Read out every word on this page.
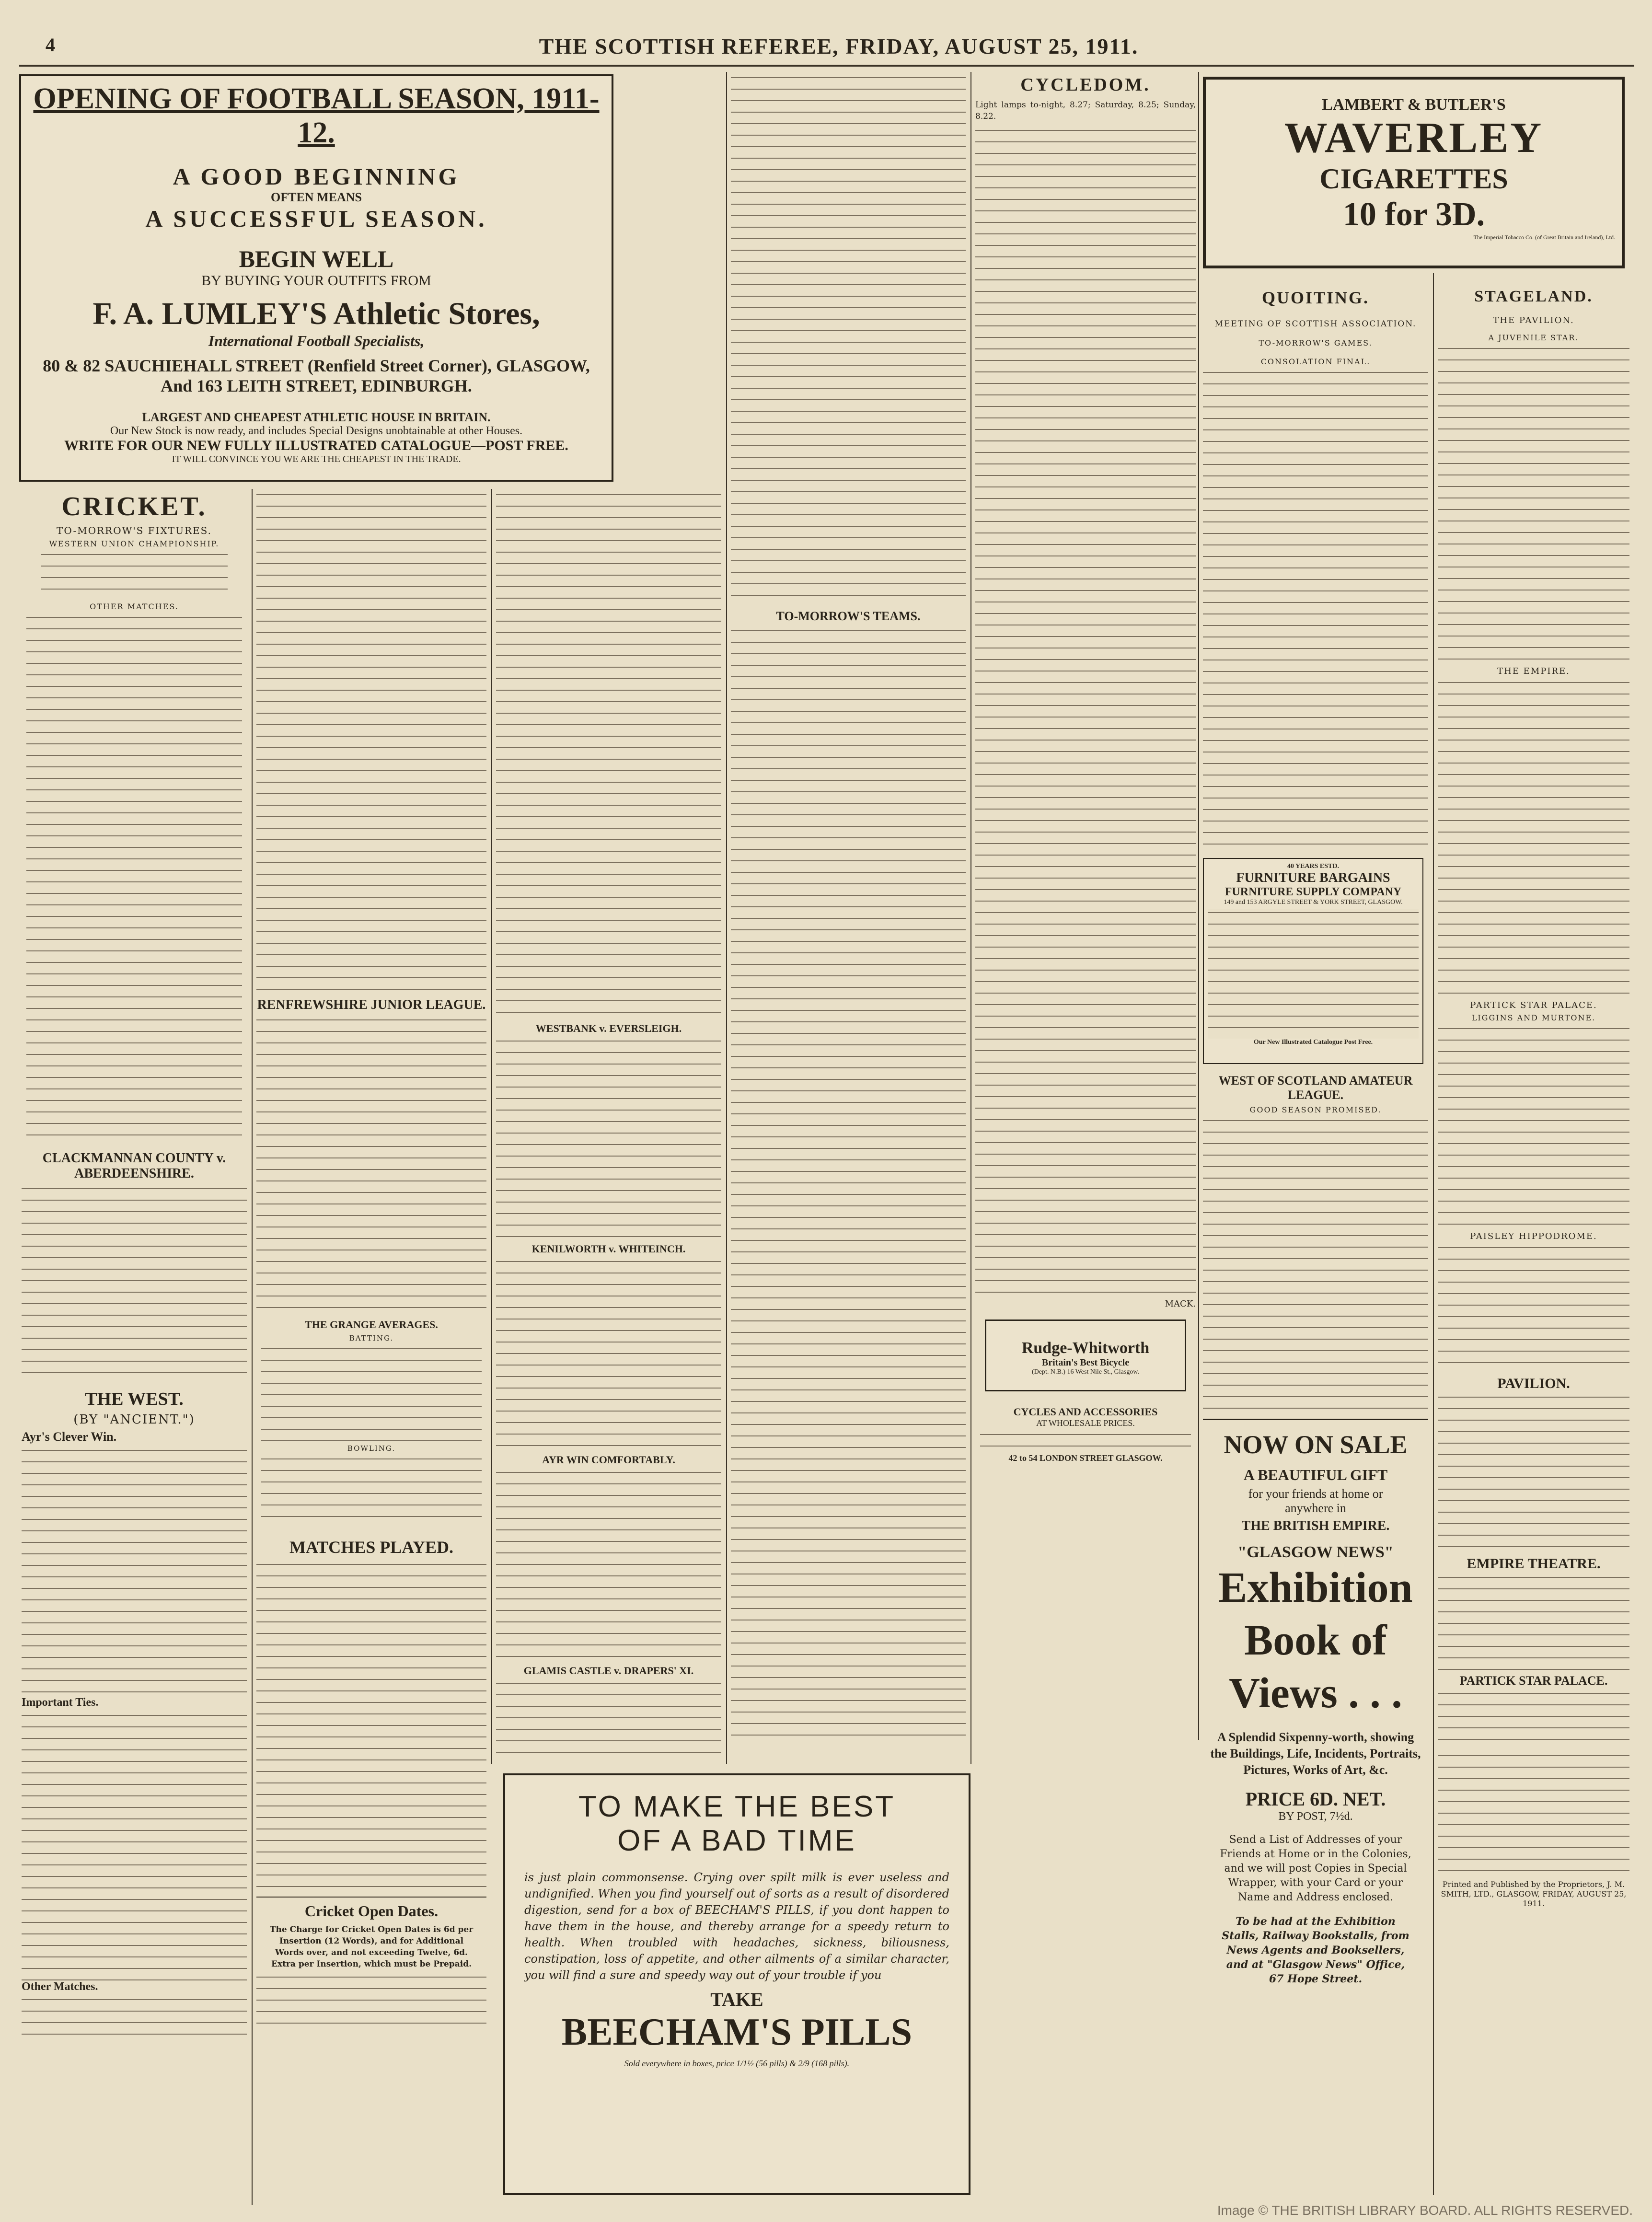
4	THE SCOTTISH REFEREE, FRIDAY, AUGUST 25, 1911.
OPENING OF FOOTBALL SEASON, 1911-12.
A GOOD BEGINNING
OFTEN MEANS
A SUCCESSFUL SEASON.
BEGIN WELL
BY BUYING YOUR OUTFITS FROM
F. A. LUMLEY'S Athletic Stores,
International Football Specialists,
80 & 82 SAUCHIEHALL STREET (Renfield Street Corner), GLASGOW,
And 163 LEITH STREET, EDINBURGH.
LARGEST AND CHEAPEST ATHLETIC HOUSE IN BRITAIN.
Our New Stock is now ready, and includes Special Designs unobtainable at other Houses.
WRITE FOR OUR NEW FULLY ILLUSTRATED CATALOGUE—POST FREE.
IT WILL CONVINCE YOU WE ARE THE CHEAPEST IN THE TRADE.
CRICKET.
TO-MORROW'S FIXTURES.
WESTERN UNION CHAMPIONSHIP.
OTHER MATCHES.
CLACKMANNAN COUNTY v. ABERDEENSHIRE.
THE WEST.
(BY "ANCIENT.")
Ayr's Clever Win.
Important Ties.
Other Matches.
RENFREWSHIRE JUNIOR LEAGUE.
THE GRANGE AVERAGES.
BATTING.
BOWLING.
MATCHES PLAYED.
Cricket Open Dates.
The Charge for Cricket Open Dates is 6d per Insertion (12 Words), and for Additional Words over, and not exceeding Twelve, 6d. Extra per Insertion, which must be Prepaid.
WESTBANK v. EVERSLEIGH.
KENILWORTH v. WHITEINCH.
AYR WIN COMFORTABLY.
GLAMIS CASTLE v. DRAPERS' XI.
TO-MORROW'S TEAMS.
CYCLEDOM.
Light lamps to-night, 8.27; Saturday, 8.25; Sunday, 8.22.
MACK.
Rudge-Whitworth
Britain's Best Bicycle
(Dept. N.B.) 16 West Nile St., Glasgow.
CYCLES AND ACCESSORIES
AT WHOLESALE PRICES.
42 to 54 LONDON STREET GLASGOW.
TO MAKE THE BEST
OF A BAD TIME
is just plain commonsense. Crying over spilt milk is ever useless and undignified. When you find yourself out of sorts as a result of disordered digestion, send for a box of BEECHAM'S PILLS, if you dont happen to have them in the house, and thereby arrange for a speedy return to health. When troubled with headaches, sickness, biliousness, constipation, loss of appetite, and other ailments of a similar character, you will find a sure and speedy way out of your trouble if you
TAKE
BEECHAM'S PILLS
Sold everywhere in boxes, price 1/1½ (56 pills) & 2/9 (168 pills).
LAMBERT & BUTLER'S
WAVERLEY
CIGARETTES
10 for 3D.
The Imperial Tobacco Co. (of Great Britain and Ireland), Ltd.
QUOITING.
MEETING OF SCOTTISH ASSOCIATION.
TO-MORROW'S GAMES.
CONSOLATION FINAL.
40 YEARS ESTD.
FURNITURE BARGAINS
FURNITURE SUPPLY COMPANY
149 and 153 ARGYLE STREET & YORK STREET, GLASGOW.
Our New Illustrated Catalogue Post Free.
WEST OF SCOTLAND AMATEUR LEAGUE.
GOOD SEASON PROMISED.
NOW ON SALE
A BEAUTIFUL GIFT
for your friends at home or anywhere in
THE BRITISH EMPIRE.
"GLASGOW NEWS"
Exhibition
Book of
Views . . .
A Splendid Sixpenny-worth, showing the Buildings, Life, Incidents, Portraits, Pictures, Works of Art, &c.
PRICE 6D. NET.
BY POST, 7½d.
Send a List of Addresses of your Friends at Home or in the Colonies, and we will post Copies in Special Wrapper, with your Card or your Name and Address enclosed.
To be had at the Exhibition Stalls, Railway Bookstalls, from News Agents and Booksellers, and at "Glasgow News" Office, 67 Hope Street.
STAGELAND.
THE PAVILION.
A JUVENILE STAR.
THE EMPIRE.
PARTICK STAR PALACE.
LIGGINS AND MURTONE.
PAISLEY HIPPODROME.
PAVILION.
EMPIRE THEATRE.
PARTICK STAR PALACE.
Printed and Published by the Proprietors, J. M. SMITH, LTD., GLASGOW, FRIDAY, AUGUST 25, 1911.
Image © THE BRITISH LIBRARY BOARD. ALL RIGHTS RESERVED.
